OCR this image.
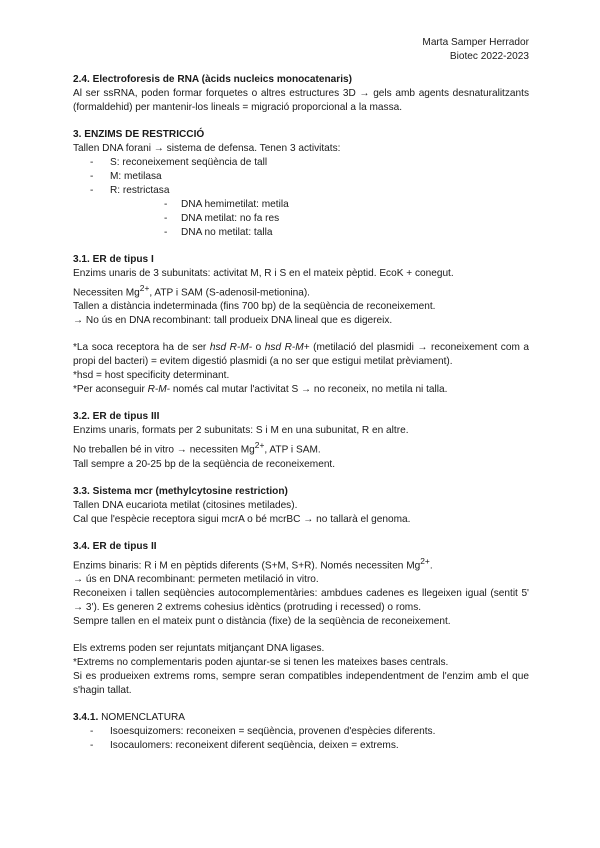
Marta Samper Herrador
Biotec 2022-2023

2.4. Electroforesis de RNA (àcids nucleics monocatenaris)

Al ser ssRNA, poden formar forquetes o altres estructures 3D → gels amb agents desnaturalitzants (formaldehid) per mantenir-los lineals = migració proporcional a la massa.

3. ENZIMS DE RESTRICCIÓ

Tallen DNA forani → sistema de defensa. Tenen 3 activitats:

- S: reconeixement seqüència de tall
- M: metilasa
- R: restrictasa
- DNA hemimetilat: metila
- DNA metilat: no fa res
- DNA no metilat: talla

3.1. ER de tipus I

Enzims unaris de 3 subunitats: activitat M, R i S en el mateix pèptid. EcoK + conegut.

Necessiten $Mg^{2+}$, ATP i SAM (S-adenosil-metionina).

Tallen a distància indeterminada (fins 700 bp) de la seqüència de reconeixement.

→ No ús en DNA recombinant: tall produeix DNA lineal que es digereix.

*La soca receptora ha de ser hsd R-M- o hsd R-M+ (metilació del plasmidi → reconeixement com a propi del bacteri) = evitem digestió plasmidi (a no ser que estigui metilat prèviament).

*hsd = host specificity determinant.

*Per aconseguir R-M- només cal mutar l'activitat S → no reconeix, no metila ni talla.

3.2. ER de tipus III

Enzims unaris, formats per 2 subunitats: S i M en una subunitat, R en altre.

No treballen bé in vitro → necessiten $Mg^{2+}$, ATP i SAM.

Tall sempre a 20-25 bp de la seqüència de reconeixement.

3.3. Sistema mcr (methylcytosine restriction)

Tallen DNA eucariota metilat (citosines metilades).

Cal que l'espècie receptora sigui mcrA o bé mcrBC → no tallarà el genoma.

3.4. ER de tipus II

Enzims binaris: R i M en pèptids diferents (S+M, S+R). Només necessiten $Mg^{2+}$.

→ ús en DNA recombinant: permeten metilació in vitro.

Reconeixen i tallen seqüències autocomplementàries: ambdues cadenes es llegeixen igual (sentit 5' → 3'). Es generen 2 extrems cohesius idèntics (protruding i recessed) o roms.

Sempre tallen en el mateix punt o distància (fixe) de la seqüència de reconeixement.

Els extrems poden ser rejuntats mitjançant DNA ligases.

*Extrems no complementaris poden ajuntar-se si tenen les mateixes bases centrals.

Si es produeixen extrems roms, sempre seran compatibles independentment de l'enzim amb el que s'hagin tallat.

3.4.1. NOMENCLATURA

- Isoesquizomers: reconeixen = seqüència, provenen d'espècies diferents.
- Isocaulomers: reconeixent diferent seqüència, deixen = extrems.
